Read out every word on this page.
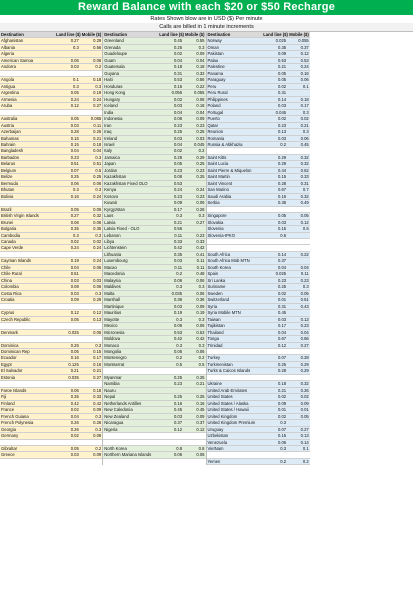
Reward Balance with each $20 or $50 Recharge
Rates Shown blow are in USD ($) Per minute
Calls are billed in 1 minute increments
Destination	Land line ($) Mobile ($)
Afghanistan	0.27	0.29
Albania	0.3	0.56
Algeria
American Samoa	0.06	0.06
Andorra	0.03	0.2
Angola	0.1	0.18
Antigua	0.3	0.3
Argentina	0.05	0.19
Armenia	0.24	0.24
Aruba	0.12	0.27
Australia	0.05	0.065
Austria	0.03	0.11
Azerbaijan	0.28	0.26
Bahamas	0.15	0.21
Bahrain	0.15	0.18
Bangladesh	0.04	0.04
Barbados	0.23	0.3
Belarus	0.51	0.51
Belgium	0.07	0.5
Belize	0.25	0.25
Bermuda	0.06	0.06
Bhutan	0.3	0.3
Bolivia	0.16	0.24
Brazil	0.05	0.06
British Virgin Islands	0.27	0.32
Brunei	0.06	0.06
Bulgaria	0.35	0.35
Cambodia	0.3	0.3
Canada	0.02	0.02
Cape Verde	0.24	0.24
Cayman Islands	0.19	0.24
Chile	0.04	0.06
Chile Rural	0.51
China	0.03	0.03
Colombia	0.08	0.06
Costa Rica	0.03	0.3
Croatia	0.09	0.29
Cyprus	0.12	0.12
Czech Republic	0.05	0.13
Denmark	0.025	0.05
Dominica	0.26	0.3
Dominican Rep	0.05	0.15
Ecuador	0.16	0.17
Egypt	0.125	0.16
El Salvador	0.21	0.21
Estonia	0.035	0.27
Faroe Islands	0.06	0.18
Fiji	0.35	0.33
Finland	0.42	0.42
France	0.02	0.09
French Guiana	0.04	0.3
French Polynesia	0.26	0.26
Georgia	0.26	0.3
Germany	0.02	0.09
Gibraltar	0.05	0.2
Greece	0.03	0.09
Destination	Land line ($) Mobile ($)
Greenland	0.45	0.55
Grenada	0.25	0.3
Guadeloupe	0.02	0.09
Guam	0.04	0.04
Guatemala	0.18	0.18
Guyana	0.31	0.32
Haiti	0.53	0.56
Honduras	0.16	0.22
Hong Kong	0.055	0.055
Hungary	0.02	0.08
Iceland	0.03	0.18
India	0.04	0.04
Indonesia	0.08	0.09
Iran	0.23	0.23
Iraq	0.25	0.25
Ireland	0.03	0.03
Israel	0.04	0.045
Italy	0.02	0.2
Jamaica	0.28	0.29
Japan	0.05	0.25
Jordan	0.23	0.23
Kazakhstan	0.08	0.25
Kazakhstan Fixed OLO	0.53
Kenya	0.24	0.24
Kosovo	0.23	0.23
Kuwait	0.09	0.09
Kyrgyzstan	0.17	0.26
Laos	0.3	0.3
Latvia	0.21	0.27
Latvia Fixed - OLO	0.56
Lebanon	0.11	0.23
Libya	0.33	0.33
Lichtenstein	0.42	0.42
Lithuania	0.35	0.41
Luxembourg	0.03	0.11
Macao	0.11	0.11
Macedonia	0.2	0.48
Malaysia	0.06	0.06
Maldives	0.3	0.3
Malta	0.035	0.06
Marshall	0.36	0.36
Martinique	0.03	0.09
Mauritius	0.19	0.19
Mayotte	0.3	0.3
Mexico	0.06	0.06
Micronesia	0.53	0.53
Moldova	0.42	0.42
Monaco	0.3	0.3
Mongolia	0.06	0.06
Montenegro	0.2	0.2
Montserrat	0.5	0.5
Myanmar	0.25	0.25
Namibia	0.23	0.21
Nauru
Nepal	0.25	0.25
Netherlands Antilles	0.16	0.16
New Caledonia	0.45	0.45
New Zealand	0.03	0.09
Nicaragua	0.37	0.37
Nigeria	0.12	0.12
North Korea	0.8	0.8
Northern Mariana Islands	0.06	0.06
Destination	Land line ($) Mobile ($)
Norway	0.025	0.055
Oman	0.35	0.37
Pakistan	0.09	0.12
Palau	0.53	0.53
Palestine	0.21	0.24
Panama	0.05	0.16
Paraguay	0.05	0.06
Peru	0.02	0.1
Peru Rural	0.31
Philippines	0.14	0.18
Poland	0.03	0.17
Portugal	0.045	0.3
Puerto	0.02	0.02
Qatar	0.23	0.21
Reunion	0.13	0.3
Romania	0.03	0.06
Russia & Abkhazia	0.2	0.45
Saint Kitts	0.29	0.32
Saint Lucia	0.29	0.32
Saint Pierre & Miquelon	0.44	0.62
Saint Martin	0.15	0.33
Saint Vincent	0.28	0.31
San Marino	0.67	0.7
Saudi Arabia	0.16	0.32
Serbia	0.36	0.49
Singapore	0.05	0.05
Slovakia	0.03	0.12
Slovenia	0.15	0.5
Slovenia-IPKO	0.6
South Africa	0.14	0.22
South Africa Mob MTN	0.37
South Korea	0.04	0.04
Spain	0.025	0.11
Sri Lanka	0.23	0.23
Suriname	0.25	0.3
Sweden	0.02	0.05
Switzerland	0.01	0.51
Syria	0.31	0.43
Syria Mobile MTN	0.45
Taiwan	0.03	0.13
Tajikistan	0.17	0.23
Thailand	0.04	0.04
Tonga	0.67	0.66
Trinidad	0.12	0.27
Turkey	0.07	0.28
Turkmenistan	0.25	0.29
Turks & Caicos Islands	0.28	0.29
Ukraine	0.18	0.32
United Arab Emirates	0.21	0.26
United States	0.02	0.02
United States / Alaska	0.09	0.09
United States / Hawaii	0.01	0.01
United Kingdom	0.02	0.05
United Kingdom Premium	0.3
Uruguay	0.07	0.27
Uzbekistan	0.15	0.13
Venezuela	0.06	0.14
VietNam	0.3	0.1
Yemen	0.2	0.2
